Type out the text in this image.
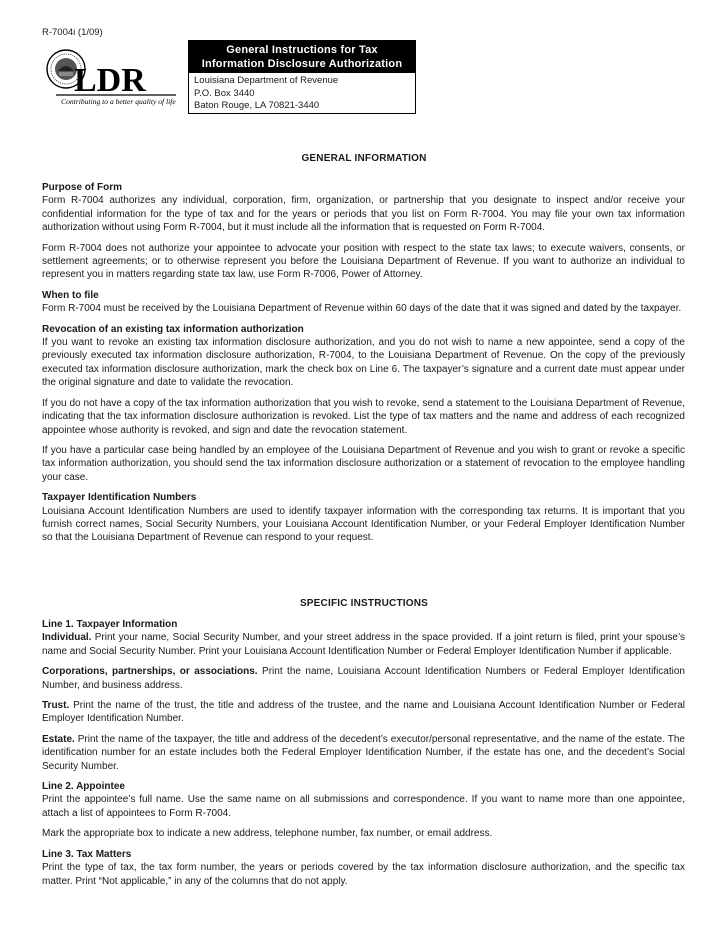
R-7004i (1/09)
LDR
Contributing to a better quality of life
General Instructions for Tax
Information Disclosure Authorization
Louisiana Department of Revenue
P.O. Box 3440
Baton Rouge, LA 70821-3440
GENERAL INFORMATION
Purpose of Form
Form R-7004 authorizes any individual, corporation, firm, organization, or partnership that you designate to inspect and/or receive your confidential information for the type of tax and for the years or periods that you list on Form R-7004. You may file your own tax information authorization without using Form R-7004, but it must include all the information that is requested on Form R-7004.
Form R-7004 does not authorize your appointee to advocate your position with respect to the state tax laws; to execute waivers, consents, or settlement agreements; or to otherwise represent you before the Louisiana Department of Revenue. If you want to authorize an individual to represent you in matters regarding state tax law, use Form R-7006, Power of Attorney.
When to file
Form R-7004 must be received by the Louisiana Department of Revenue within 60 days of the date that it was signed and dated by the taxpayer.
Revocation of an existing tax information authorization
If you want to revoke an existing tax information disclosure authorization, and you do not wish to name a new appointee, send a copy of the previously executed tax information disclosure authorization, R-7004, to the Louisiana Department of Revenue. On the copy of the previously executed tax information disclosure authorization, mark the check box on Line 6. The taxpayer’s signature and a current date must appear under the original signature and date to validate the revocation.
If you do not have a copy of the tax information authorization that you wish to revoke, send a statement to the Louisiana Department of Revenue, indicating that the tax information disclosure authorization is revoked. List the type of tax matters and the name and address of each recognized appointee whose authority is revoked, and sign and date the revocation statement.
If you have a particular case being handled by an employee of the Louisiana Department of Revenue and you wish to grant or revoke a specific tax information authorization, you should send the tax information disclosure authorization or a statement of revocation to the employee handling your case.
Taxpayer Identification Numbers
Louisiana Account Identification Numbers are used to identify taxpayer information with the corresponding tax returns. It is important that you furnish correct names, Social Security Numbers, your Louisiana Account Identification Number, or your Federal Employer Identification Number so that the Louisiana Department of Revenue can respond to your request.
SPECIFIC INSTRUCTIONS
Line 1. Taxpayer Information
Individual. Print your name, Social Security Number, and your street address in the space provided. If a joint return is filed, print your spouse’s name and Social Security Number. Print your Louisiana Account Identification Number or Federal Employer Identification Number if applicable.
Corporations, partnerships, or associations. Print the name, Louisiana Account Identification Numbers or Federal Employer Identification Number, and business address.
Trust. Print the name of the trust, the title and address of the trustee, and the name and Louisiana Account Identification Number or Federal Employer Identification Number.
Estate. Print the name of the taxpayer, the title and address of the decedent’s executor/personal representative, and the name of the estate. The identification number for an estate includes both the Federal Employer Identification Number, if the estate has one, and the decedent’s Social Security Number.
Line 2. Appointee
Print the appointee’s full name. Use the same name on all submissions and correspondence. If you want to name more than one appointee, attach a list of appointees to Form R-7004.
Mark the appropriate box to indicate a new address, telephone number, fax number, or email address.
Line 3. Tax Matters
Print the type of tax, the tax form number, the years or periods covered by the tax information disclosure authorization, and the specific tax matter. Print “Not applicable,” in any of the columns that do not apply.
